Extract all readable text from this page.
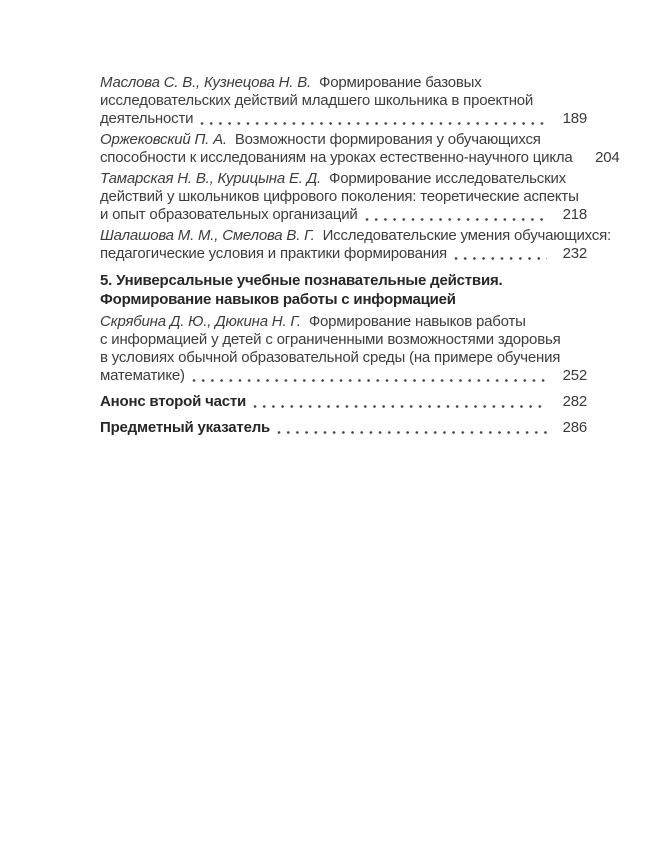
Маслова С. В., Кузнецова Н. В. Формирование базовых
исследовательских действий младшего школьника в проектной
деятельности	189
Оржековский П. А. Возможности формирования у обучающихся
способности к исследованиям на уроках естественно-научного цикла	204
Тамарская Н. В., Курицына Е. Д. Формирование исследовательских
действий у школьников цифрового поколения: теоретические аспекты
и опыт образовательных организаций	218
Шалашова М. М., Смелова В. Г. Исследовательские умения обучающихся:
педагогические условия и практики формирования	232
5. Универсальные учебные познавательные действия.
Формирование навыков работы с информацией
Скрябина Д. Ю., Дюкина Н. Г. Формирование навыков работы
с информацией у детей с ограниченными возможностями здоровья
в условиях обычной образовательной среды (на примере обучения
математике)	252
Анонс второй части	282
Предметный указатель	286
